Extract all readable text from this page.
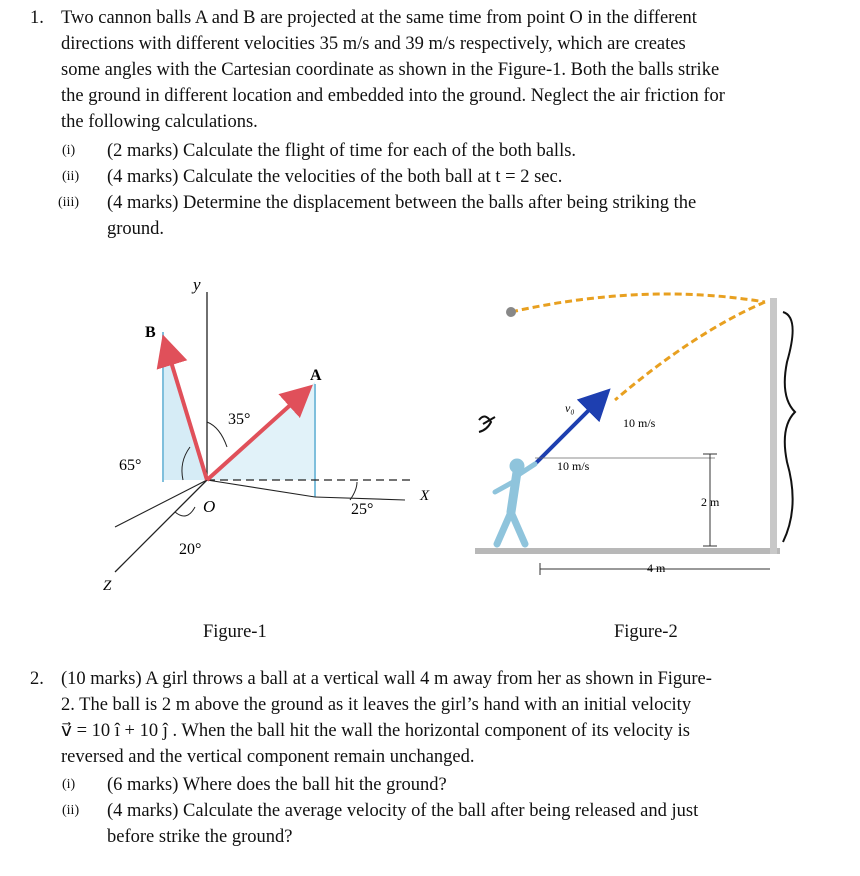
1. Two cannon balls A and B are projected at the same time from point O in the different
directions with different velocities 35 m/s and 39 m/s respectively, which are creates
some angles with the Cartesian coordinate as shown in the Figure-1. Both the balls strike
the ground in different location and embedded into the ground. Neglect the air friction for
the following calculations.
(i) (2 marks) Calculate the flight of time for each of the both balls.
(ii) (4 marks) Calculate the velocities of the both ball at t = 2 sec.
(iii) (4 marks) Determine the displacement between the balls after being striking the
ground.
y
X
Z
O
B
A
35°
65°
25°
20°
v₀
10 m/s
10 m/s
2 m
4 m
Figure-1	Figure-2
2. (10 marks) A girl throws a ball at a vertical wall 4 m away from her as shown in Figure-
2. The ball is 2 m above the ground as it leaves the girl’s hand with an initial velocity
v⃗ = 10 î + 10 ĵ . When the ball hit the wall the horizontal component of its velocity is
reversed and the vertical component remain unchanged.
(i) (6 marks) Where does the ball hit the ground?
(ii) (4 marks) Calculate the average velocity of the ball after being released and just
before strike the ground?
